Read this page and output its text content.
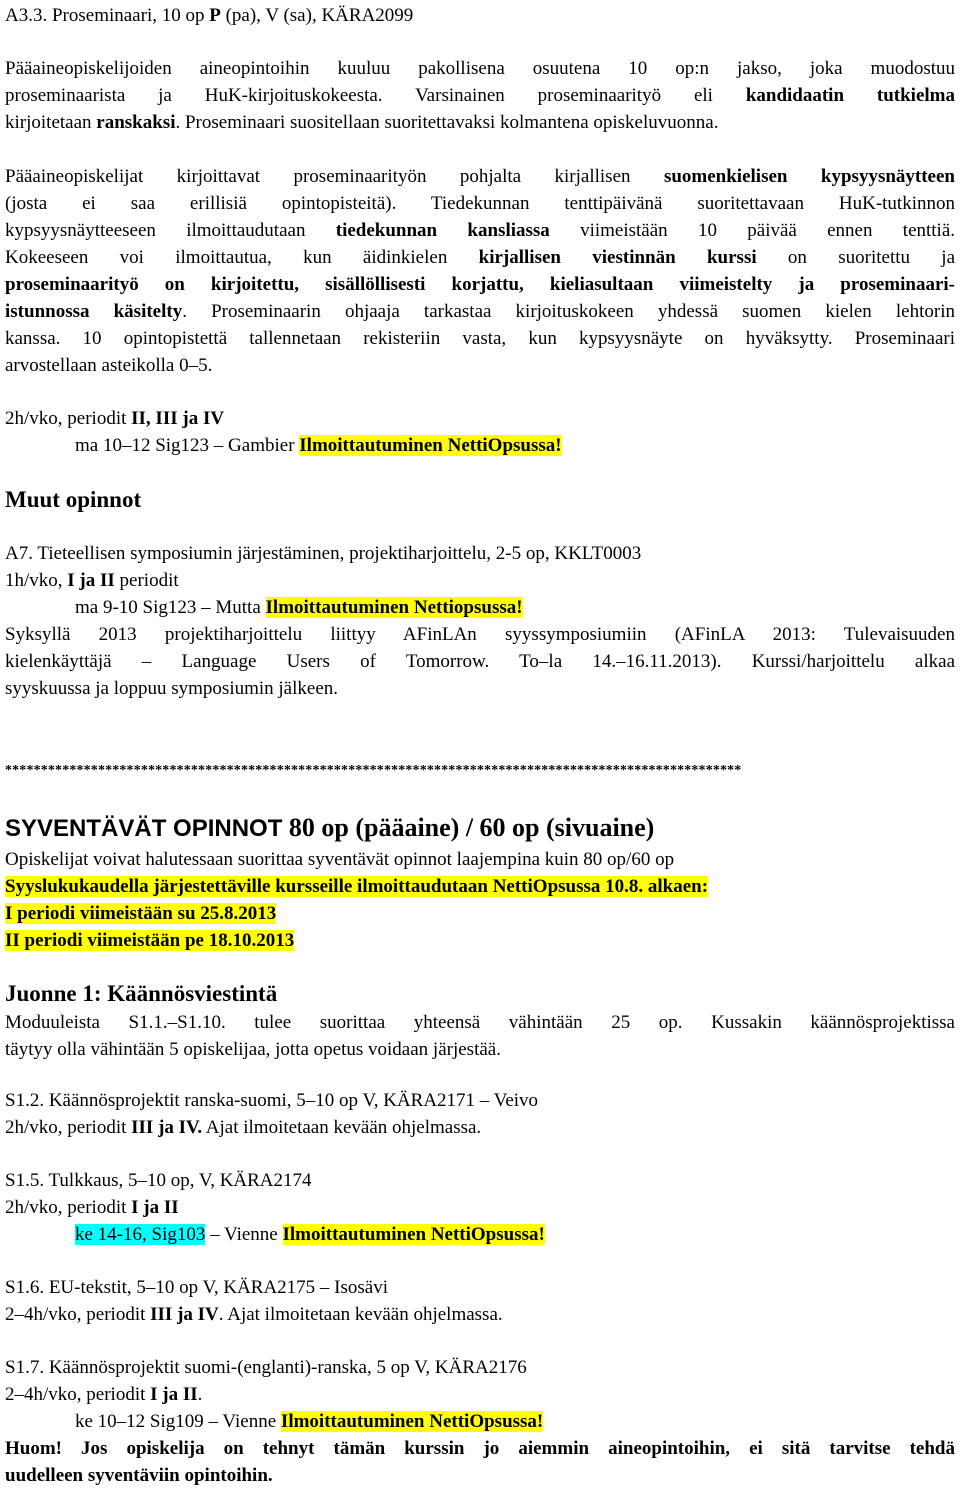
A3.3. Proseminaari, 10 op P (pa), V (sa), KÄRA2099
Pääaineopiskelijoiden aineopintoihin kuuluu pakollisena osuutena 10 op:n jakso, joka muodostuu
proseminaarista ja HuK-kirjoituskokeesta. Varsinainen proseminaarityö eli kandidaatin tutkielma
kirjoitetaan ranskaksi. Proseminaari suositellaan suoritettavaksi kolmantena opiskeluvuonna.
Pääaineopiskelijat kirjoittavat proseminaarityön pohjalta kirjallisen suomenkielisen kypsyysnäytteen
(josta ei saa erillisiä opintopisteitä). Tiedekunnan tenttipäivänä suoritettavaan HuK-tutkinnon
kypsyysnäytteeseen ilmoittaudutaan tiedekunnan kansliassa viimeistään 10 päivää ennen tenttiä.
Kokeeseen voi ilmoittautua, kun äidinkielen kirjallisen viestinnän kurssi on suoritettu ja
proseminaarityö on kirjoitettu, sisällöllisesti korjattu, kieliasultaan viimeistelty ja proseminaari-
istunnossa käsitelty. Proseminaarin ohjaaja tarkastaa kirjoituskokeen yhdessä suomen kielen lehtorin
kanssa. 10 opintopistettä tallennetaan rekisteriin vasta, kun kypsyysnäyte on hyväksytty. Proseminaari
arvostellaan asteikolla 0–5.
2h/vko, periodit II, III ja IV
ma 10–12 Sig123 – Gambier Ilmoittautuminen NettiOpsussa!
Muut opinnot
A7. Tieteellisen symposiumin järjestäminen, projektiharjoittelu, 2-5 op, KKLT0003
1h/vko, I ja II periodit
ma 9-10 Sig123 – Mutta Ilmoittautuminen Nettiopsussa!
Syksyllä 2013 projektiharjoittelu liittyy AFinLAn syyssymposiumiin (AFinLA 2013: Tulevaisuuden
kielenkäyttäjä – Language Users of Tomorrow. To–la 14.–16.11.2013). Kurssi/harjoittelu alkaa
syyskuussa ja loppuu symposiumin jälkeen.
*******************************************************************************************************
SYVENTÄVÄT OPINNOT 80 op (pääaine) / 60 op (sivuaine)
Opiskelijat voivat halutessaan suorittaa syventävät opinnot laajempina kuin 80 op/60 op
Syyslukukaudella järjestettäville kursseille ilmoittaudutaan NettiOpsussa 10.8. alkaen:
I periodi viimeistään su 25.8.2013
II periodi viimeistään pe 18.10.2013
Juonne 1: Käännösviestintä
Moduuleista S1.1.–S1.10. tulee suorittaa yhteensä vähintään 25 op. Kussakin käännösprojektissa
täytyy olla vähintään 5 opiskelijaa, jotta opetus voidaan järjestää.
S1.2. Käännösprojektit ranska-suomi, 5–10 op V, KÄRA2171 – Veivo
2h/vko, periodit III ja IV. Ajat ilmoitetaan kevään ohjelmassa.
S1.5. Tulkkaus, 5–10 op, V, KÄRA2174
2h/vko, periodit I ja II
ke 14-16, Sig103 – Vienne Ilmoittautuminen NettiOpsussa!
S1.6. EU-tekstit, 5–10 op V, KÄRA2175 – Isosävi
2–4h/vko, periodit III ja IV. Ajat ilmoitetaan kevään ohjelmassa.
S1.7. Käännösprojektit suomi-(englanti)-ranska, 5 op V, KÄRA2176
2–4h/vko, periodit I ja II.
ke 10–12 Sig109 – Vienne Ilmoittautuminen NettiOpsussa!
Huom! Jos opiskelija on tehnyt tämän kurssin jo aiemmin aineopintoihin, ei sitä tarvitse tehdä
uudelleen syventäviin opintoihin.
